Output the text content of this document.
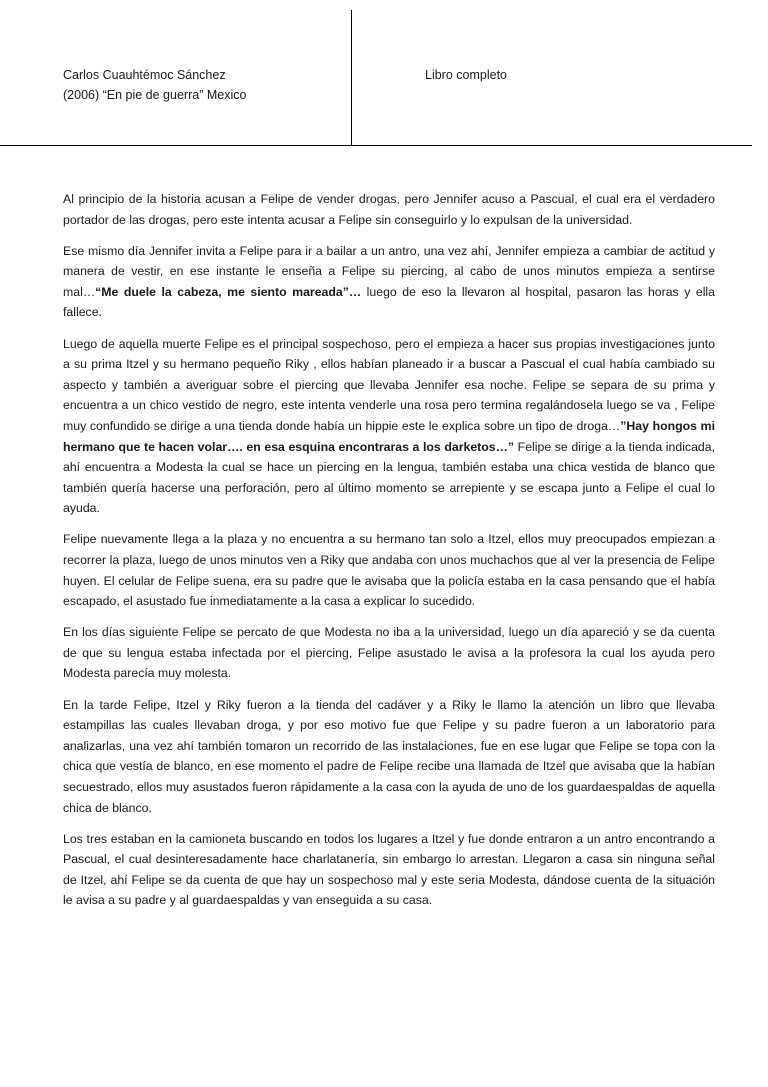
Carlos Cuauhtémoc Sánchez
(2006) “En pie de guerra” Mexico
Libro completo

Al principio de la historia acusan a Felipe de vender drogas, pero Jennifer acuso a Pascual, el cual era el verdadero portador de las drogas, pero este intenta acusar a Felipe sin conseguirlo y lo expulsan de la universidad.

Ese mismo día Jennifer invita a Felipe para ir a bailar a un antro, una vez ahí, Jennifer empieza a cambiar de actitud y manera de vestir, en ese instante le enseña a Felipe su piercing, al cabo de unos minutos empieza a sentirse mal…“Me duele la cabeza, me siento mareada”… luego de eso la llevaron al hospital, pasaron las horas y ella fallece.

Luego de aquella muerte Felipe es el principal sospechoso, pero el empieza a hacer sus propias investigaciones junto a su prima Itzel y su hermano pequeño Riky , ellos habían planeado ir a buscar a Pascual el cual había cambiado su aspecto y también a averiguar sobre el piercing que llevaba Jennifer esa noche. Felipe se separa de su prima y encuentra a un chico vestido de negro, este intenta venderle una rosa pero termina regalándosela luego se va , Felipe muy confundido se dirige a una tienda donde había un hippie este le explica sobre un tipo de droga…”Hay hongos mi hermano que te hacen volar…. en esa esquina encontraras a los darketos…” Felipe se dirige a la tienda indicada, ahí encuentra a Modesta la cual se hace un piercing en la lengua, también estaba una chica vestida de blanco que también quería hacerse una perforación, pero al último momento se arrepiente y se escapa junto a Felipe el cual lo ayuda.

Felipe nuevamente llega a la plaza y no encuentra a su hermano tan solo a Itzel, ellos muy preocupados empiezan a recorrer la plaza, luego de unos minutos ven a Riky que andaba con unos muchachos que al ver la presencia de Felipe huyen. El celular de Felipe suena, era su padre que le avisaba que la policía estaba en la casa pensando que el había escapado, el asustado fue inmediatamente a la casa a explicar lo sucedido.

En los días siguiente Felipe se percato de que Modesta no iba a la universidad, luego un día apareció y se da cuenta de que su lengua estaba infectada por el piercing, Felipe asustado le avisa a la profesora la cual los ayuda pero Modesta parecía muy molesta.

En la tarde Felipe, Itzel y Riky fueron a la tienda del cadáver y a Riky le llamo la atención un libro que llevaba estampillas las cuales llevaban droga, y por eso motivo fue que Felipe y su padre fueron a un laboratorio para analizarlas, una vez ahí también tomaron un recorrido de las instalaciones, fue en ese lugar que Felipe se topa con la chica que vestía de blanco, en ese momento el padre de Felipe recibe una llamada de Itzel que avisaba que la habían secuestrado, ellos muy asustados fueron rápidamente a la casa con la ayuda de uno de los guardaespaldas de aquella chica de blanco.

Los tres estaban en la camioneta buscando en todos los lugares a Itzel y fue donde entraron a un antro encontrando a Pascual, el cual desinteresadamente hace charlatanería, sin embargo lo arrestan. Llegaron a casa sin ninguna señal de Itzel, ahí Felipe se da cuenta de que hay un sospechoso mal y este seria Modesta, dándose cuenta de la situación le avisa a su padre y al guardaespaldas y van enseguida a su casa.
